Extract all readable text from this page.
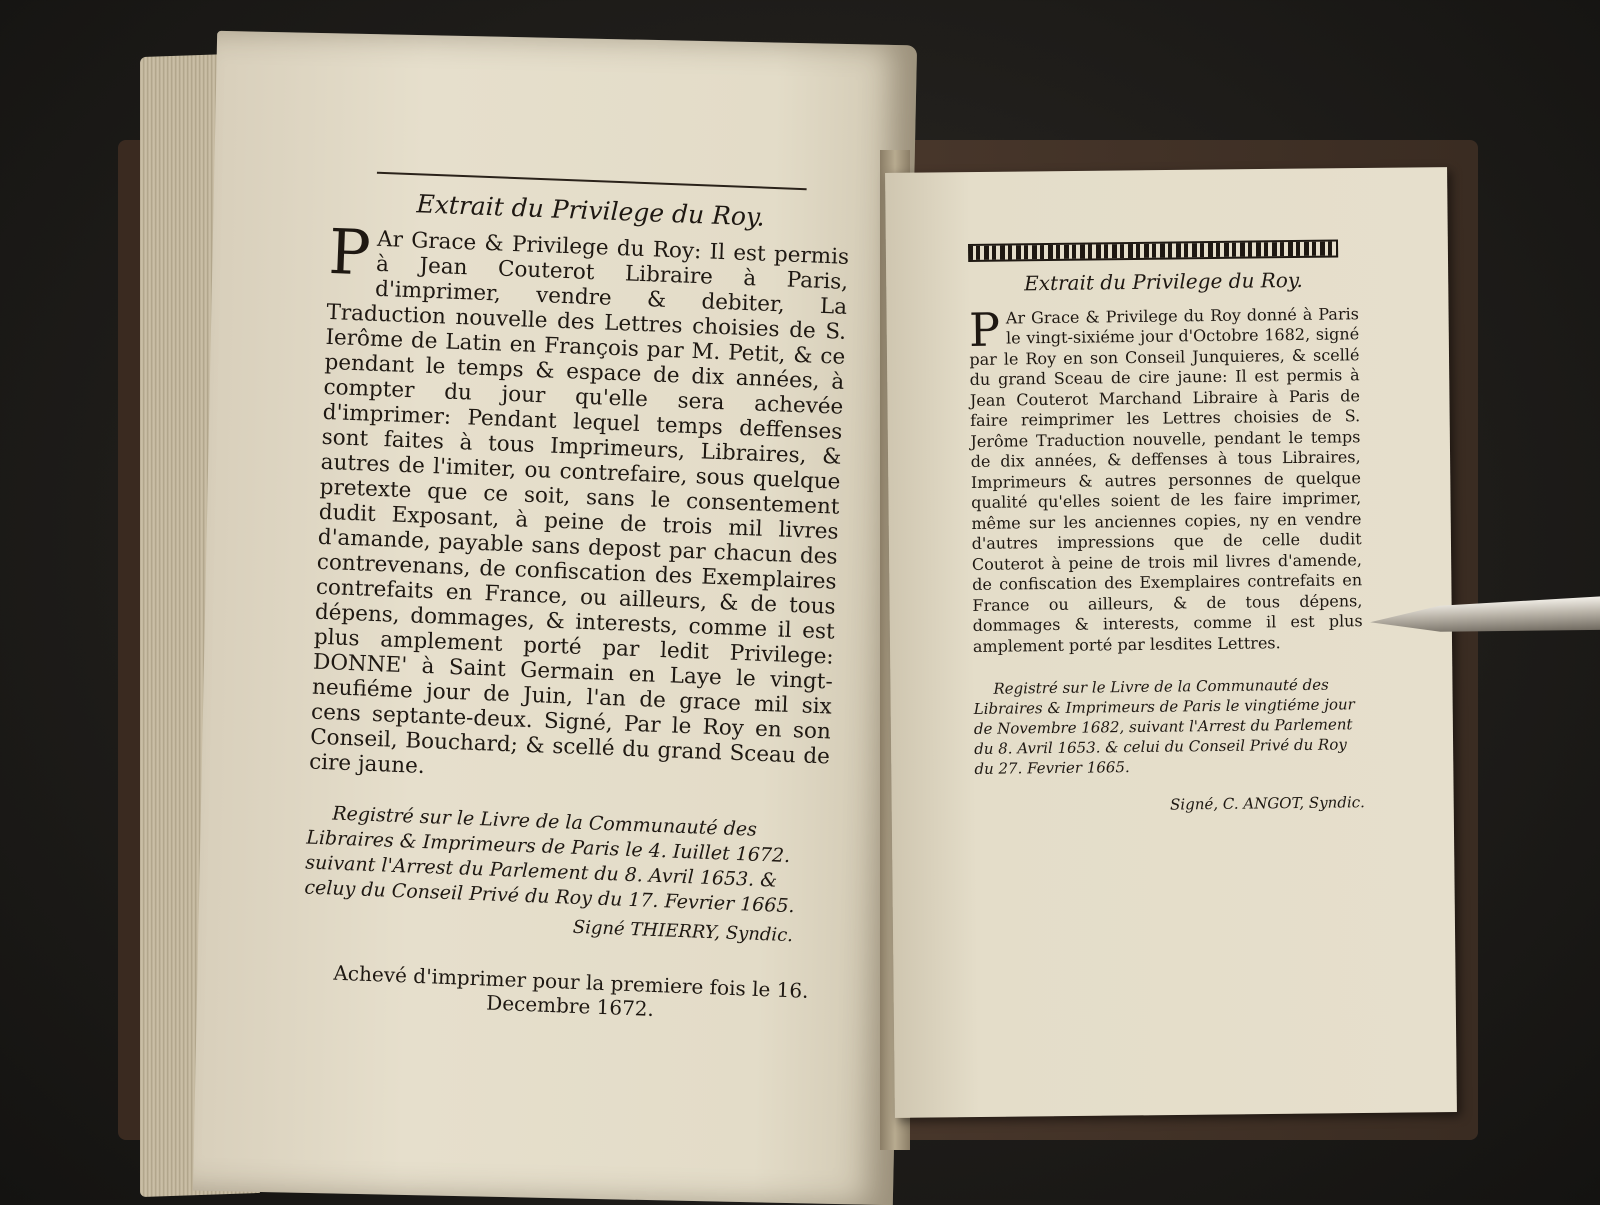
Extrait du Privilege du Roy.

P Ar Grace & Privilege du Roy: Il est permis à Jean Couterot Libraire à Paris, d'imprimer, vendre & debiter, La Traduction nouvelle des Lettres choisies de S. Ierôme de Latin en François par M. Petit, & ce pendant le temps & espace de dix années, à compter du jour qu'elle sera achevée d'imprimer: Pendant lequel temps deffenses sont faites à tous Imprimeurs, Libraires, & autres de l'imiter, ou contrefaire, sous quelque pretexte que ce soit, sans le consentement dudit Exposant, à peine de trois mil livres d'amande, payable sans depost par chacun des contrevenans, de confiscation des Exemplaires contrefaits en France, ou ailleurs, & de tous dépens, dommages, & interests, comme il est plus amplement porté par ledit Privilege: DONNE' à Saint Germain en Laye le vingt-neufiéme jour de Juin, l'an de grace mil six cens septante-deux. Signé, Par le Roy en son Conseil, Bouchard; & scellé du grand Sceau de cire jaune.

Registré sur le Livre de la Communauté des Libraires & Imprimeurs de Paris le 4. Iuillet 1672. suivant l'Arrest du Parlement du 8. Avril 1653. & celuy du Conseil Privé du Roy du 17. Fevrier 1665.
Signé THIERRY, Syndic.
Achevé d'imprimer pour la premiere fois le 16. Decembre 1672.
Extrait du Privilege du Roy.

P Ar Grace & Privilege du Roy donné à Paris le vingt-sixiéme jour d'Octobre 1682, signé par le Roy en son Conseil Junquieres, & scellé du grand Sceau de cire jaune: Il est permis à Jean Couterot Marchand Libraire à Paris de faire reimprimer les Lettres choisies de S. Jerôme Traduction nouvelle, pendant le temps de dix années, & deffenses à tous Libraires, Imprimeurs & autres personnes de quelque qualité qu'elles soient de les faire imprimer, même sur les anciennes copies, ny en vendre d'autres impressions que de celle dudit Couterot à peine de trois mil livres d'amende, de confiscation des Exemplaires contrefaits en France ou ailleurs, & de tous dépens, dommages & interests, comme il est plus amplement porté par lesdites Lettres.

Registré sur le Livre de la Communauté des Libraires & Imprimeurs de Paris le vingtiéme jour de Novembre 1682, suivant l'Arrest du Parlement du 8. Avril 1653. & celui du Conseil Privé du Roy du 27. Fevrier 1665.
Signé, C. ANGOT, Syndic.
